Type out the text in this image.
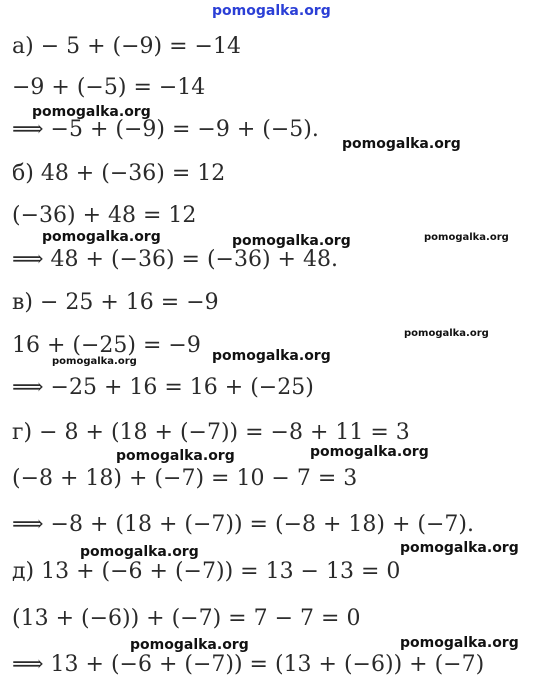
pomogalka.org
а) − 5 + (−9) = −14
−9 + (−5) = −14
⟹ −5 + (−9) = −9 + (−5).
б) 48 + (−36) = 12
(−36) + 48 = 12
⟹ 48 + (−36) = (−36) + 48.
в) − 25 + 16 = −9
16 + (−25) = −9
⟹ −25 + 16 = 16 + (−25)
г) − 8 + (18 + (−7)) = −8 + 11 = 3
(−8 + 18) + (−7) = 10 − 7 = 3
⟹ −8 + (18 + (−7)) = (−8 + 18) + (−7).
д) 13 + (−6 + (−7)) = 13 − 13 = 0
(13 + (−6)) + (−7) = 7 − 7 = 0
⟹ 13 + (−6 + (−7)) = (13 + (−6)) + (−7)
pomogalka.org
pomogalka.org
pomogalka.org	pomogalka.org	pomogalka.org
pomogalka.org
pomogalka.org	pomogalka.org
pomogalka.org	pomogalka.org
pomogalka.org	pomogalka.org
pomogalka.org	pomogalka.org
